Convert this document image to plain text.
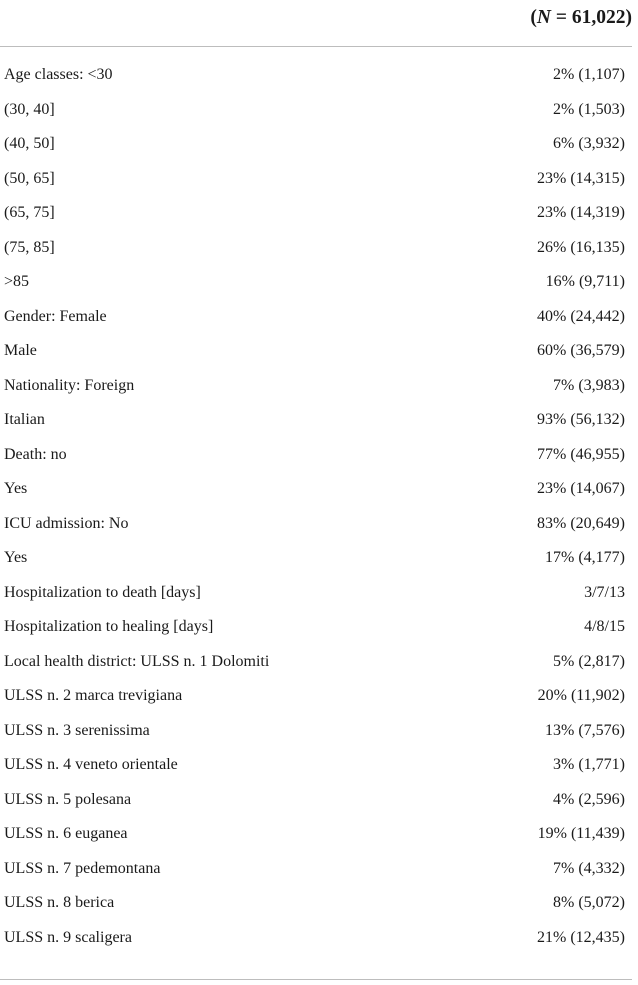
(N = 61,022)
Age classes: <30	2% (1,107)
(30, 40]	2% (1,503)
(40, 50]	6% (3,932)
(50, 65]	23% (14,315)
(65, 75]	23% (14,319)
(75, 85]	26% (16,135)
>85	16% (9,711)
Gender: Female	40% (24,442)
Male	60% (36,579)
Nationality: Foreign	7% (3,983)
Italian	93% (56,132)
Death: no	77% (46,955)
Yes	23% (14,067)
ICU admission: No	83% (20,649)
Yes	17% (4,177)
Hospitalization to death [days]	3/7/13
Hospitalization to healing [days]	4/8/15
Local health district: ULSS n. 1 Dolomiti	5% (2,817)
ULSS n. 2 marca trevigiana	20% (11,902)
ULSS n. 3 serenissima	13% (7,576)
ULSS n. 4 veneto orientale	3% (1,771)
ULSS n. 5 polesana	4% (2,596)
ULSS n. 6 euganea	19% (11,439)
ULSS n. 7 pedemontana	7% (4,332)
ULSS n. 8 berica	8% (5,072)
ULSS n. 9 scaligera	21% (12,435)
